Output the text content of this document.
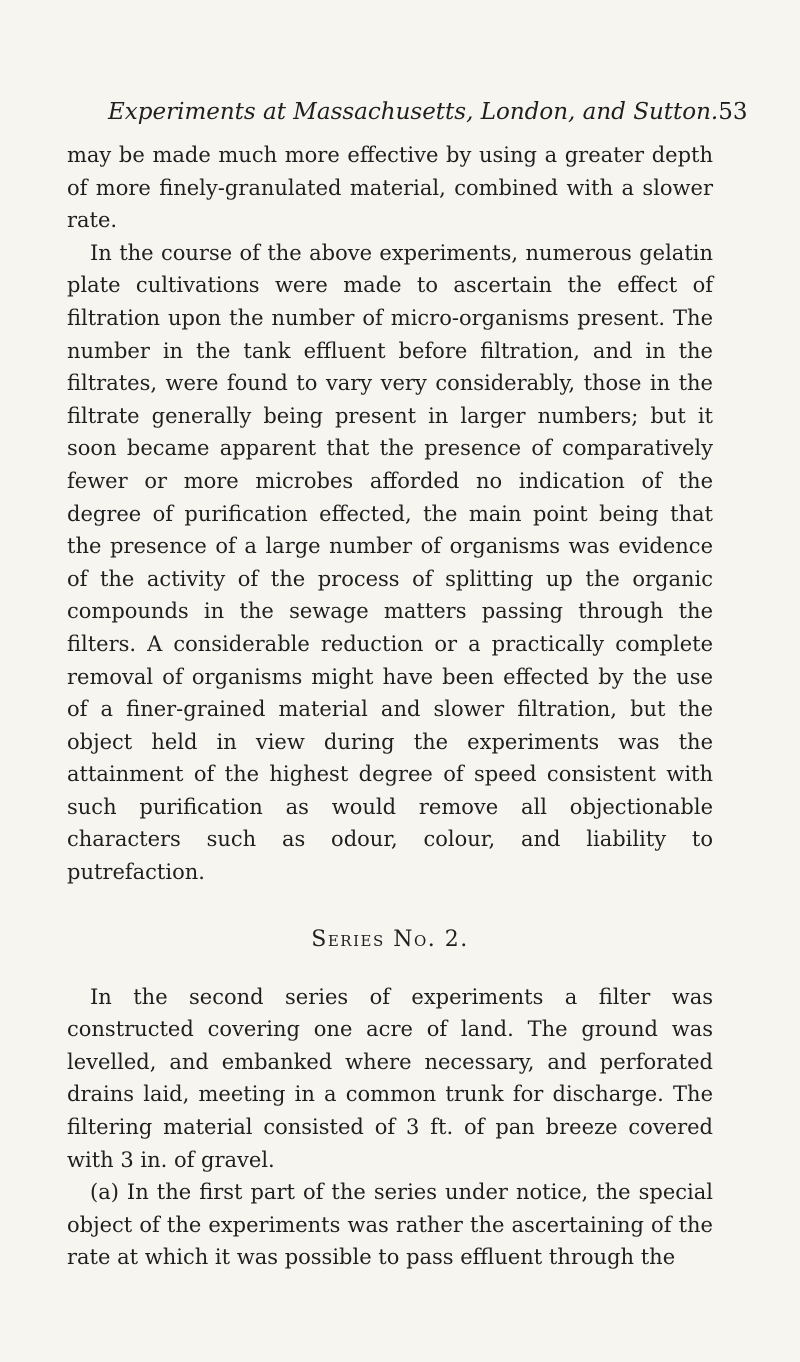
Experiments at Massachusetts, London, and Sutton. 53

may be made much more effective by using a greater depth of more finely-granulated material, combined with a slower rate.

In the course of the above experiments, numerous gelatin plate cultivations were made to ascertain the effect of filtration upon the number of micro-organisms present. The number in the tank effluent before filtration, and in the filtrates, were found to vary very considerably, those in the filtrate generally being present in larger numbers; but it soon became apparent that the presence of comparatively fewer or more microbes afforded no indication of the degree of purification effected, the main point being that the presence of a large number of organisms was evidence of the activity of the process of splitting up the organic compounds in the sewage matters passing through the filters. A considerable reduction or a practically complete removal of organisms might have been effected by the use of a finer-grained material and slower filtration, but the object held in view during the experiments was the attainment of the highest degree of speed consistent with such purification as would remove all objectionable characters such as odour, colour, and liability to putrefaction.

Series No. 2.

In the second series of experiments a filter was constructed covering one acre of land. The ground was levelled, and embanked where necessary, and perforated drains laid, meeting in a common trunk for discharge. The filtering material consisted of 3 ft. of pan breeze covered with 3 in. of gravel.

(a) In the first part of the series under notice, the special object of the experiments was rather the ascertaining of the rate at which it was possible to pass effluent through the
